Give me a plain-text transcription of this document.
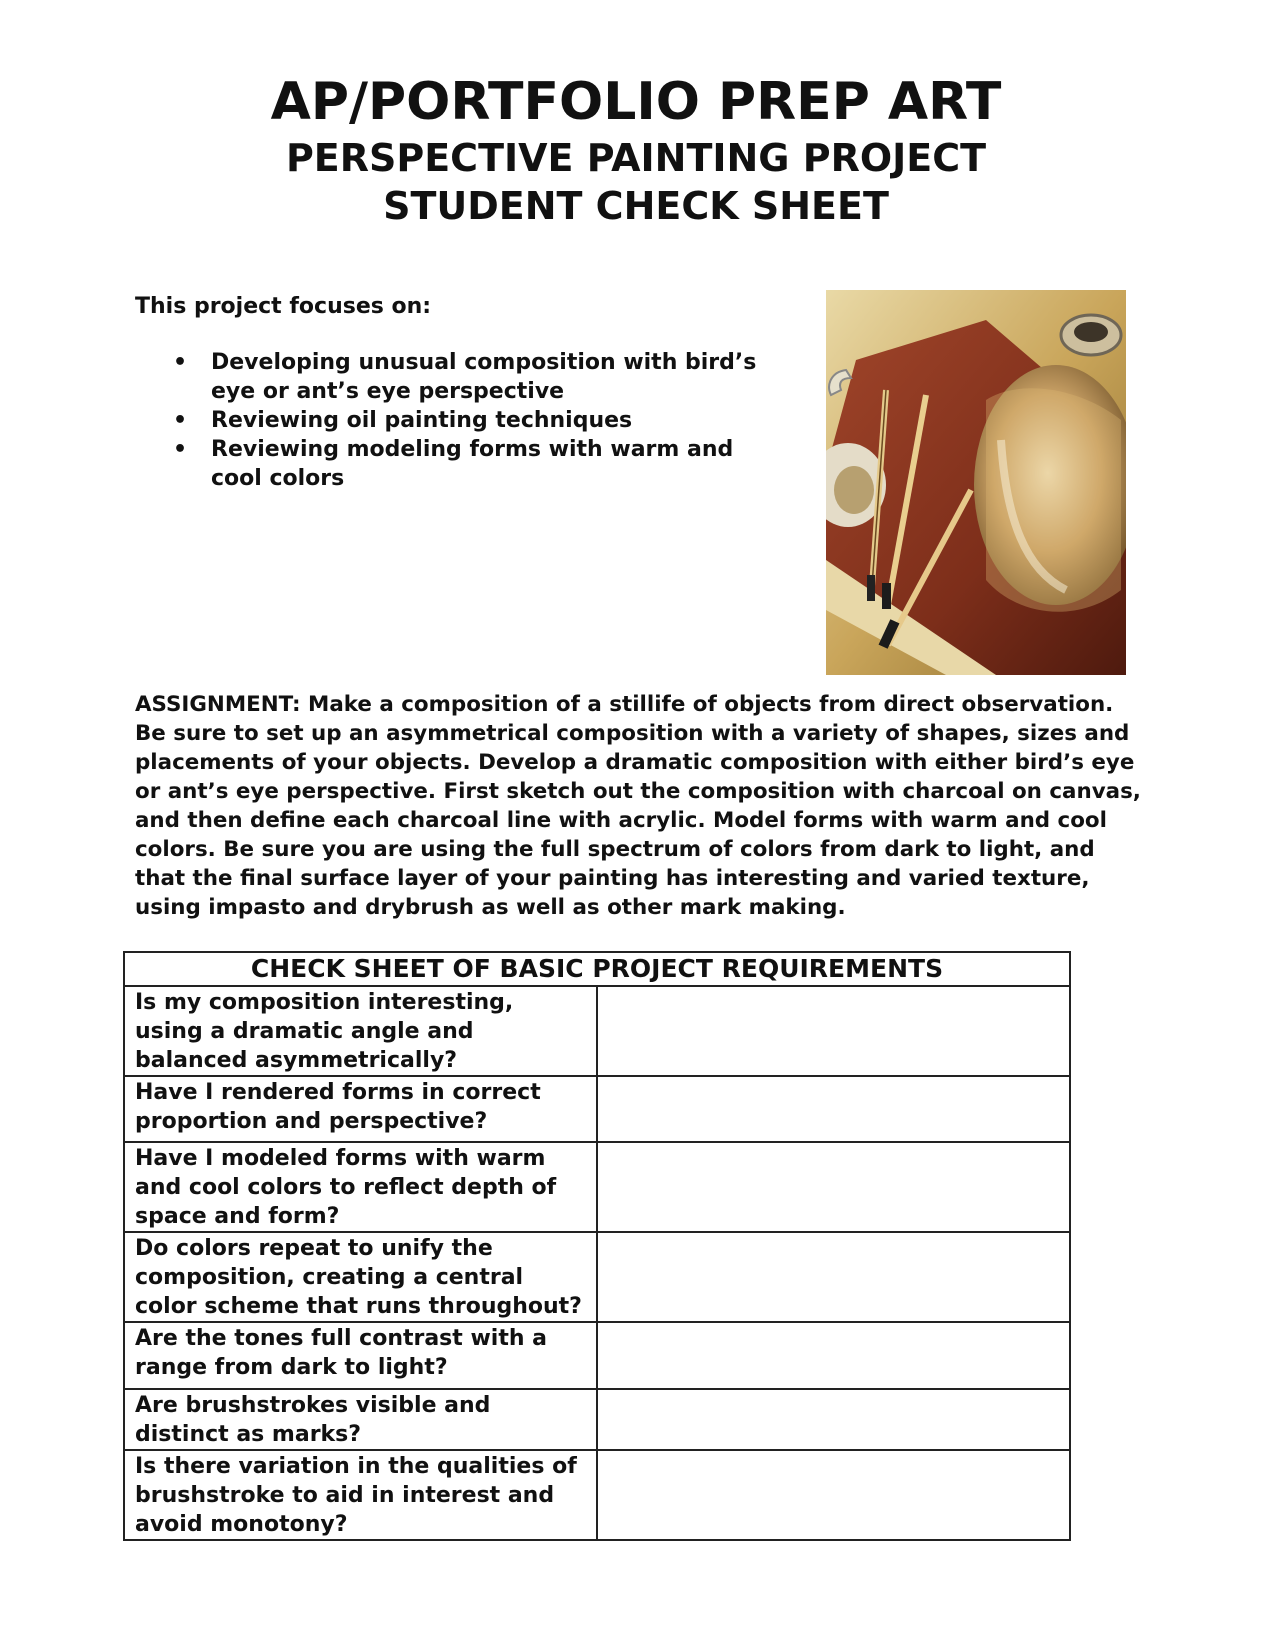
AP/PORTFOLIO PREP ART
PERSPECTIVE PAINTING PROJECT
STUDENT CHECK SHEET
This project focuses on:
• Developing unusual composition with bird’s eye or ant’s eye perspective
• Reviewing oil painting techniques
• Reviewing modeling forms with warm and cool colors

ASSIGNMENT: Make a composition of a stillife of objects from direct observation. Be sure to set up an asymmetrical composition with a variety of shapes, sizes and placements of your objects. Develop a dramatic composition with either bird’s eye or ant’s eye perspective. First sketch out the composition with charcoal on canvas, and then define each charcoal line with acrylic. Model forms with warm and cool colors. Be sure you are using the full spectrum of colors from dark to light, and that the final surface layer of your painting has interesting and varied texture, using impasto and drybrush as well as other mark making.

CHECK SHEET OF BASIC PROJECT REQUIREMENTS	
Is my composition interesting, using a dramatic angle and balanced asymmetrically?	
Have I rendered forms in correct proportion and perspective?	
Have I modeled forms with warm and cool colors to reflect depth of space and form?	
Do colors repeat to unify the composition, creating a central color scheme that runs throughout?	
Are the tones full contrast with a range from dark to light?	
Are brushstrokes visible and distinct as marks?	
Is there variation in the qualities of brushstroke to aid in interest and avoid monotony?	
